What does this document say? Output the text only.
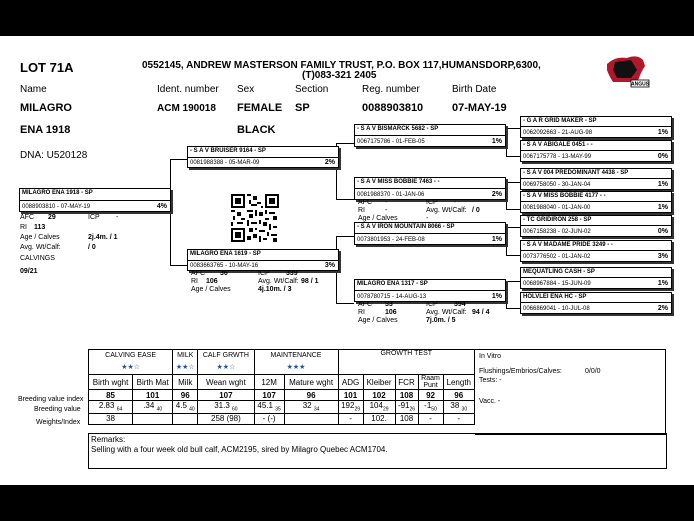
LOT 71A	0552145, ANDREW MASTERSON FAMILY TRUST, P.O. BOX 117,HUMANSDORP,6300,
(T)083-321 2405
ANGUS
Name	Ident. number Sex	Section	Reg. number	Birth Date
MILAGRO	ACM 190018 FEMALE SP	0088903810	07-MAY-19
ENA 1918	BLACK
DNA: U520128
MILAGRO ENA 1918 - SP
0088903810 - 07-MAY-19	4%
AFC 29	ICP -
RI 113
Age / Calves	2j.4m. / 1
Avg. Wt/Calf:	/ 0
CALVINGS
09/21
- S A V BRUISER 9164 - SP
0081988388 - 05-MAR-09	2%
MILAGRO ENA 1619 - SP
0083663765 - 10-MAY-16	3%
AFC 36	ICP 339
RI 106	Avg. Wt/Calf: 98 / 1
Age / Calves	4j.10m. / 3
- S A V BISMARCK 5682 - SP
0067175786 - 01-FEB-05	1%
- S A V MISS BOBBIE 7463 - -
0081988370 - 01-JAN-06	2%
- S A V IRON MOUNTAIN 8066 - SP
0073801953 - 24-FEB-08	1%
MILAGRO ENA 1317 - SP
0078780715 - 14-AUG-13	1%
AFC -	ICP -
RI	-	Avg. Wt/Calf: / 0
Age / Calves	-
AFC 33	ICP 394
RI	106	Avg. Wt/Calf: 94 / 4
Age / Calves	7j.0m. / 5
- G A R GRID MAKER - SP
0062092663 - 21-AUG-98	1%
- S A V ABIGALE 0451 - -
0067175778 - 13-MAY-99	0%
- S A V 004 PREDOMINANT 4438 - SP
0069758050 - 30-JAN-04	1%
- S A V MISS BOBBIE 4177 - -
0081988040 - 01-JAN-00	1%
- TC GRIDIRON 258 - SP
0067158238 - 02-JUN-02	0%
- S A V MADAME PRIDE 3249 - -
0073776502 - 01-JAN-02	3%
MEQUATLING CASH - SP
0068967884 - 15-JUN-09	1%
HOLVLEI ENA HC - SP
0066869041 - 10-JUL-08	2%
Breeding value index
Breeding value
Weights/Index
CALVING EASE		MILK	CALF GRWTH	MAINTENANCE		GROWTH TEST				
★★☆		★★☆	★★☆	★★★						
Birth wght	Birth Mat	Milk	Wean wght	12M	Mature wght	ADG	Kleiber	FCR	Raam Punt	Length
85	101	96	107	107	96	101	102	108	92	96
2.83 $_{64}$	.34 $_{40}$	4.5 $_{40}$	31.3 $_{60}$	45.1 $_{35}$	32 $_{34}$	$192_{29}$	$104_{29}$	$-91_{26}$	$-1_{50}$	38 $_{30}$
38			258 (98)	- (-)		-	102.	108	-	-
In Vitro
Flushings/Embrios/Calves:	0/0/0
Tests: -
Vacc. -
Remarks:
Selling with a four week old bull calf, ACM2195, sired by Milagro Quebec ACM1704.
